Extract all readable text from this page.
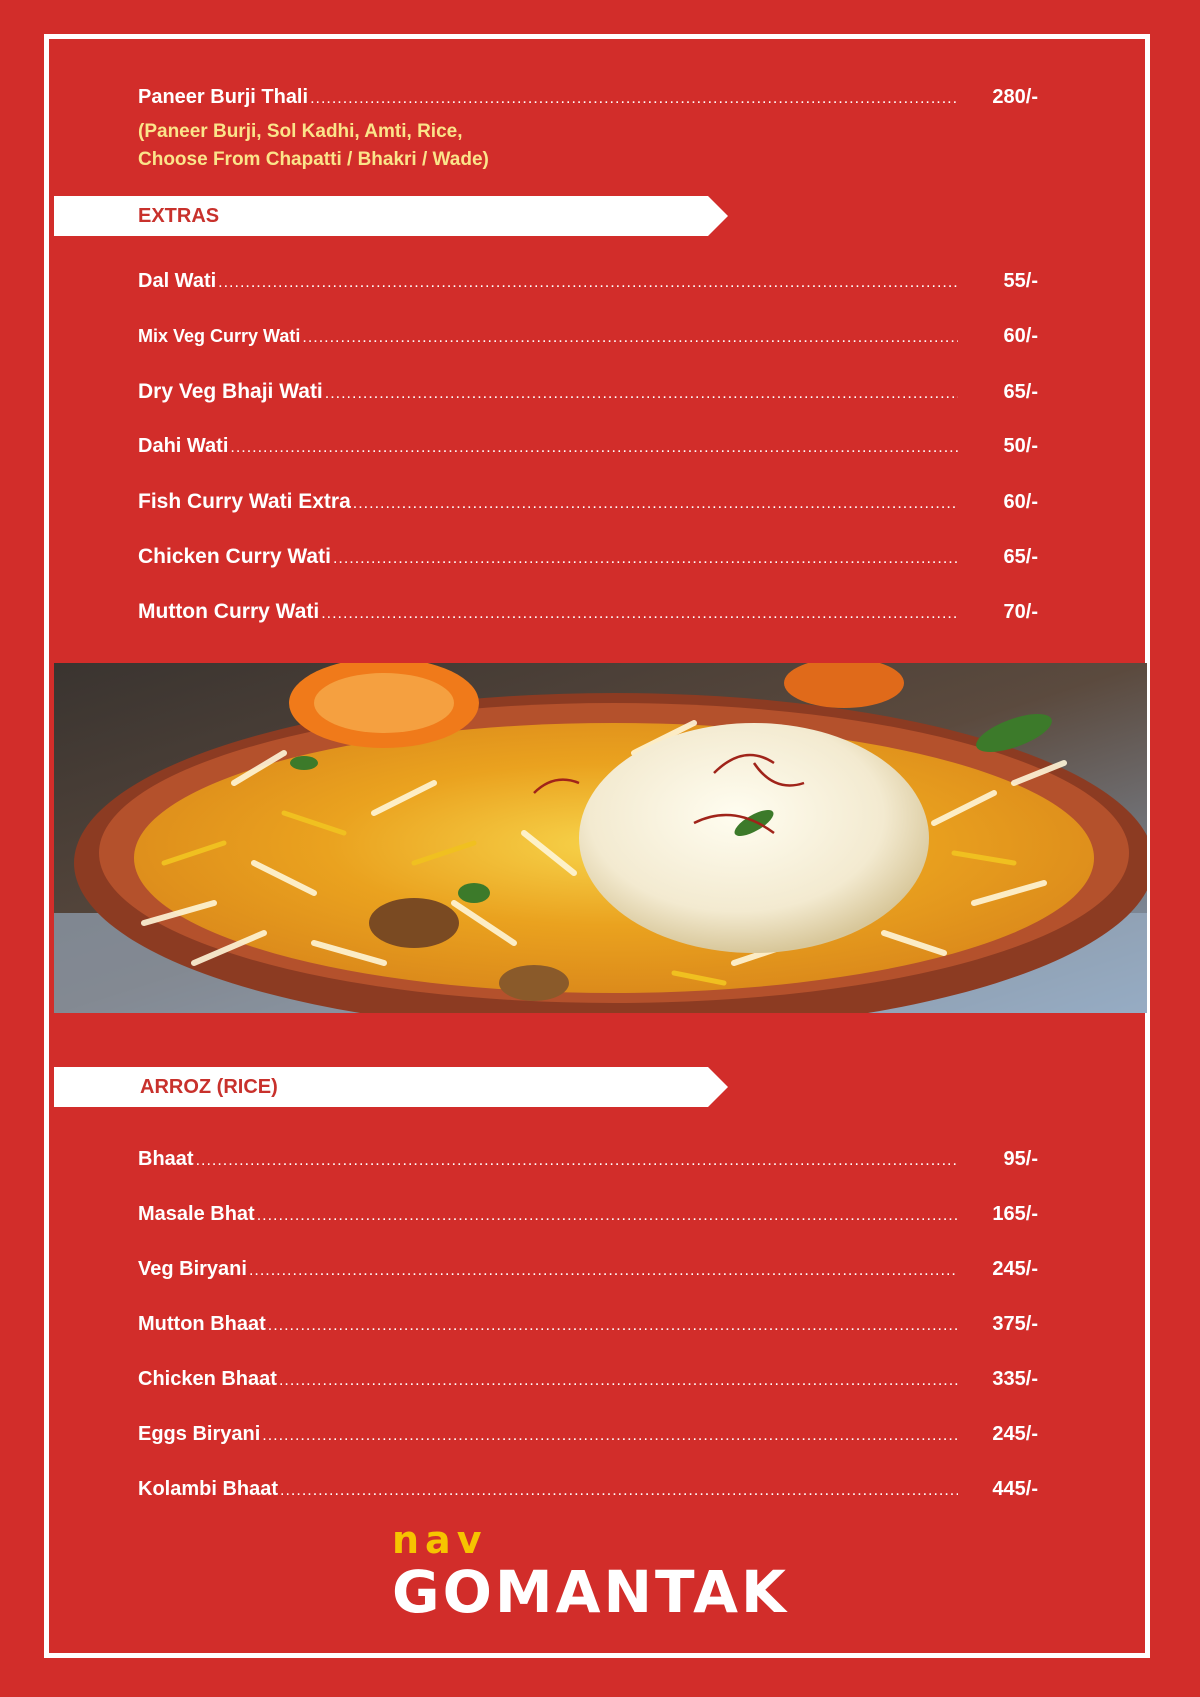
Paneer Burji Thali .....	280/-
(Paneer Burji, Sol Kadhi, Amti, Rice,
Choose From Chapatti / Bhakri / Wade)
EXTRAS
Dal Wati .....	55/-
Mix Veg Curry Wati .....	60/-
Dry Veg Bhaji Wati .....	65/-
Dahi Wati .....	50/-
Fish Curry Wati Extra .....	60/-
Chicken Curry Wati .....	65/-
Mutton Curry Wati .....	70/-
ARROZ (RICE)
Bhaat .....	95/-
Masale Bhat .....	165/-
Veg Biryani .....	245/-
Mutton Bhaat .....	375/-
Chicken Bhaat .....	335/-
Eggs Biryani .....	245/-
Kolambi Bhaat .....	445/-
nav
GOMANTAK
